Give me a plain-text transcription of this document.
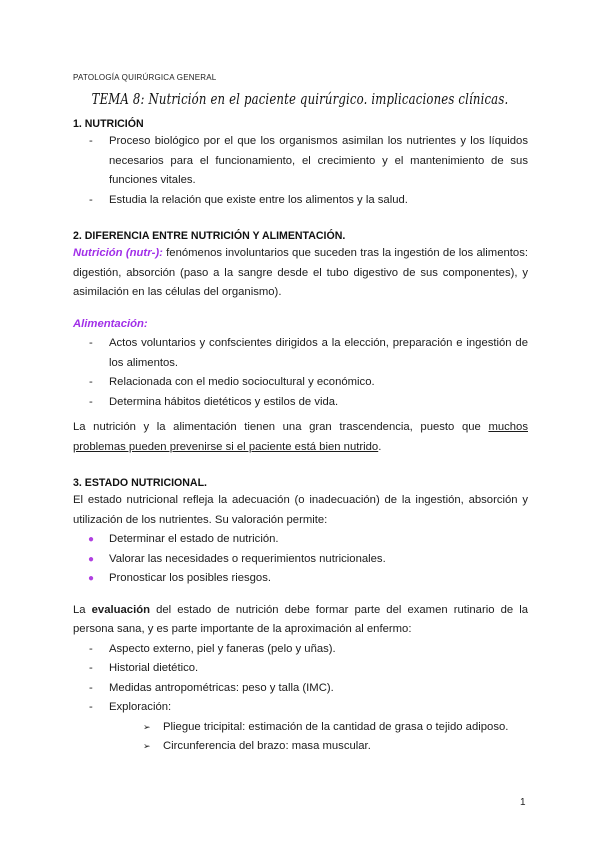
PATOLOGÍA QUIRÚRGICA GENERAL
TEMA 8: Nutrición en el paciente quirúrgico. implicaciones clínicas.
1. NUTRICIÓN
- Proceso biológico por el que los organismos asimilan los nutrientes y los líquidos necesarios para el funcionamiento, el crecimiento y el mantenimiento de sus funciones vitales.
- Estudia la relación que existe entre los alimentos y la salud.
2. DIFERENCIA ENTRE NUTRICIÓN Y ALIMENTACIÓN.

Nutrición (nutr-): fenómenos involuntarios que suceden tras la ingestión de los alimentos: digestión, absorción (paso a la sangre desde el tubo digestivo de sus componentes), y asimilación en las células del organismo).

Alimentación:

- Actos voluntarios y confscientes dirigidos a la elección, preparación e ingestión de los alimentos.
- Relacionada con el medio sociocultural y económico.
- Determina hábitos dietéticos y estilos de vida.

La nutrición y la alimentación tienen una gran trascendencia, puesto que muchos problemas pueden prevenirse si el paciente está bien nutrido.

3. ESTADO NUTRICIONAL.

El estado nutricional refleja la adecuación (o inadecuación) de la ingestión, absorción y utilización de los nutrientes. Su valoración permite:

● Determinar el estado de nutrición.
● Valorar las necesidades o requerimientos nutricionales.
● Pronosticar los posibles riesgos.

La evaluación del estado de nutrición debe formar parte del examen rutinario de la persona sana, y es parte importante de la aproximación al enfermo:

- Aspecto externo, piel y faneras (pelo y uñas).
- Historial dietético.
- Medidas antropométricas: peso y talla (IMC).
- Exploración:
➢ Pliegue tricipital: estimación de la cantidad de grasa o tejido adiposo.
➢ Circunferencia del brazo: masa muscular.
1
